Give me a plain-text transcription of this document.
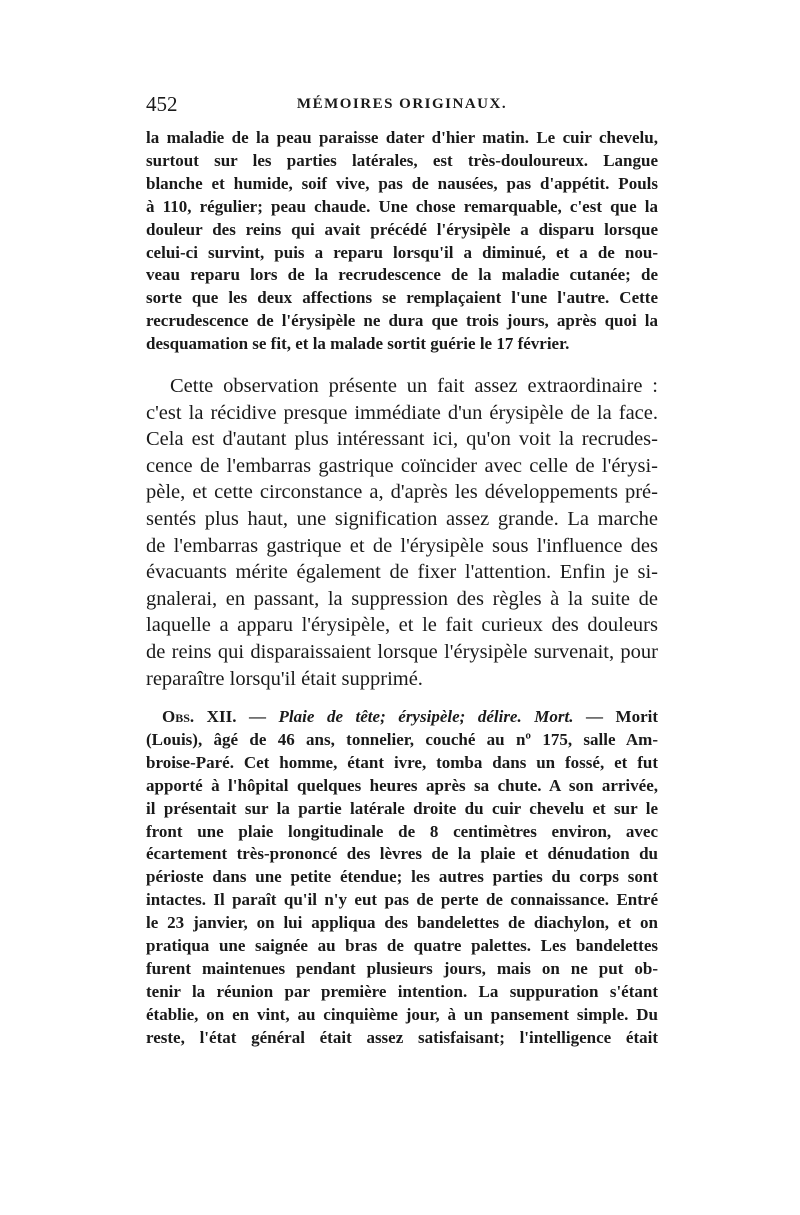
452	MÉMOIRES ORIGINAUX.
la maladie de la peau paraisse dater d'hier matin. Le cuir chevelu,
surtout sur les parties latérales, est très-douloureux. Langue
blanche et humide, soif vive, pas de nausées, pas d'appétit. Pouls
à 110, régulier; peau chaude. Une chose remarquable, c'est que la
douleur des reins qui avait précédé l'érysipèle a disparu lorsque
celui-ci survint, puis a reparu lorsqu'il a diminué, et a de nou-
veau reparu lors de la recrudescence de la maladie cutanée; de
sorte que les deux affections se remplaçaient l'une l'autre. Cette
recrudescence de l'érysipèle ne dura que trois jours, après quoi la
desquamation se fit, et la malade sortit guérie le 17 février.
Cette observation présente un fait assez extraordinaire :
c'est la récidive presque immédiate d'un érysipèle de la face.
Cela est d'autant plus intéressant ici, qu'on voit la recrudes-
cence de l'embarras gastrique coïncider avec celle de l'érysi-
pèle, et cette circonstance a, d'après les développements pré-
sentés plus haut, une signification assez grande. La marche
de l'embarras gastrique et de l'érysipèle sous l'influence des
évacuants mérite également de fixer l'attention. Enfin je si-
gnalerai, en passant, la suppression des règles à la suite de
laquelle a apparu l'érysipèle, et le fait curieux des douleurs
de reins qui disparaissaient lorsque l'érysipèle survenait, pour
reparaître lorsqu'il était supprimé.
Obs. XII. — Plaie de tête; érysipèle; délire. Mort. — Morit
(Louis), âgé de 46 ans, tonnelier, couché au nº 175, salle Am-
broise-Paré. Cet homme, étant ivre, tomba dans un fossé, et fut
apporté à l'hôpital quelques heures après sa chute. A son arrivée,
il présentait sur la partie latérale droite du cuir chevelu et sur le
front une plaie longitudinale de 8 centimètres environ, avec
écartement très-prononcé des lèvres de la plaie et dénudation du
périoste dans une petite étendue; les autres parties du corps sont
intactes. Il paraît qu'il n'y eut pas de perte de connaissance. Entré
le 23 janvier, on lui appliqua des bandelettes de diachylon, et on
pratiqua une saignée au bras de quatre palettes. Les bandelettes
furent maintenues pendant plusieurs jours, mais on ne put ob-
tenir la réunion par première intention. La suppuration s'étant
établie, on en vint, au cinquième jour, à un pansement simple. Du
reste, l'état général était assez satisfaisant; l'intelligence était
